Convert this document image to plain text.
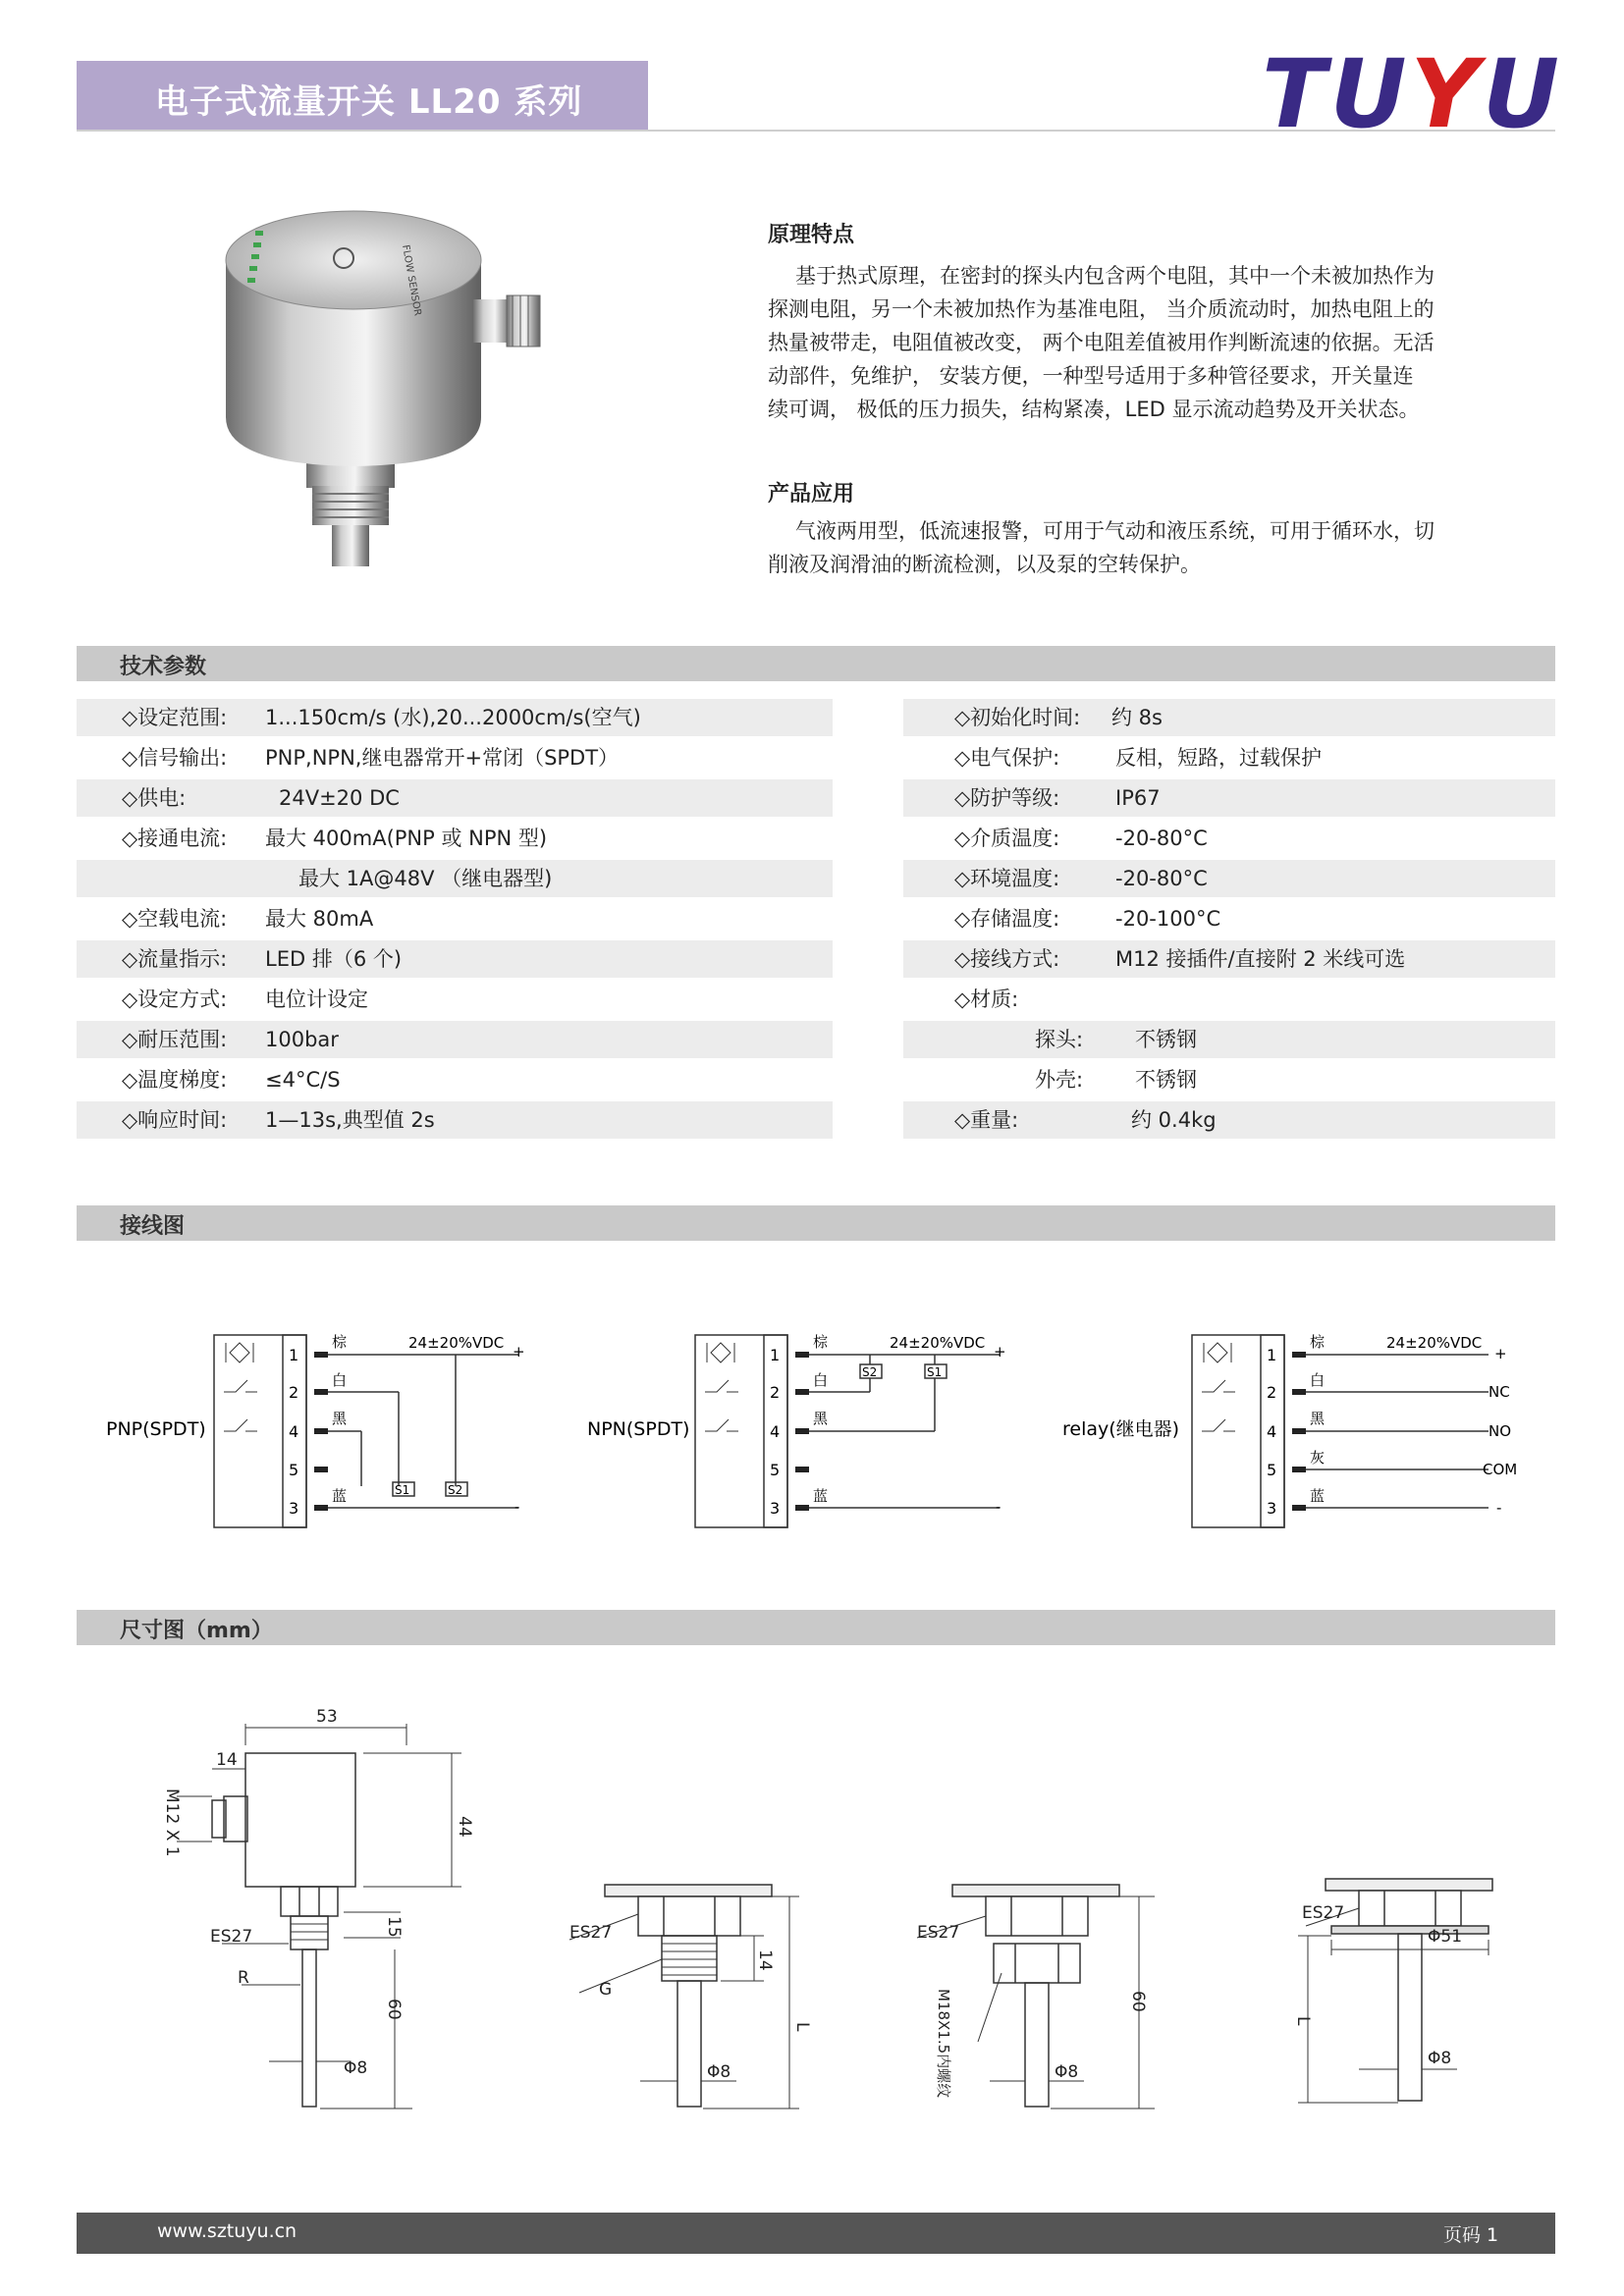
电子式流量开关 LL20 系列	TUYU
FLOW SENSOR
原理特点
基于热式原理，在密封的探头内包含两个电阻，其中一个未被加热作为
探测电阻，另一个未被加热作为基准电阻， 当介质流动时，加热电阻上的
热量被带走，电阻值被改变， 两个电阻差值被用作判断流速的依据。无活
动部件，免维护， 安装方便，一种型号适用于多种管径要求，开关量连
续可调， 极低的压力损失，结构紧凑，LED 显示流动趋势及开关状态。
产品应用
气液两用型，低流速报警，可用于气动和液压系统，可用于循环水，切
削液及润滑油的断流检测，以及泵的空转保护。
技术参数
◇设定范围: 1...150cm/s (水),20...2000cm/s(空气)
◇信号输出: PNP,NPN,继电器常开+常闭（SPDT）
◇供电:	24V±20 DC
◇接通电流: 最大 400mA(PNP 或 NPN 型)
最大 1A@48V （继电器型)
◇空载电流: 最大 80mA
◇流量指示: LED 排（6 个)
◇设定方式: 电位计设定
◇耐压范围: 100bar
◇温度梯度: ≤4°C/S
◇响应时间: 1—13s,典型值 2s
◇初始化时间: 约 8s
◇电气保护:	反相，短路，过载保护
◇防护等级:	IP67
◇介质温度:	-20-80°C
◇环境温度:	-20-80°C
◇存储温度:	-20-100°C
◇接线方式:	M12 接插件/直接附 2 米线可选
◇材质:
探头:	不锈钢
外壳:	不锈钢
◇重量:	约 0.4kg
接线图
PNP(SPDT)
1
2
4
5
3
棕
白
黑
蓝
24±20%VDC +
-
S1	S2
NPN(SPDT)
1
2
4
5
3
棕
白
黑
蓝
24±20%VDC +
-
S2	S1
relay(继电器)
1
2
4
5
3
棕
白
黑
灰
蓝
24±20%VDC
+
NC
NO
COM
-
尺寸图（mm）
53
14
44
M12 X 1
ES27	15
R
60
Φ8
ES27
14
G
L
Φ8
ES27
60
M18X1.5内螺纹	Φ8
ES27
Φ51
L
Φ8
www.sztuyu.cn	页码 1
